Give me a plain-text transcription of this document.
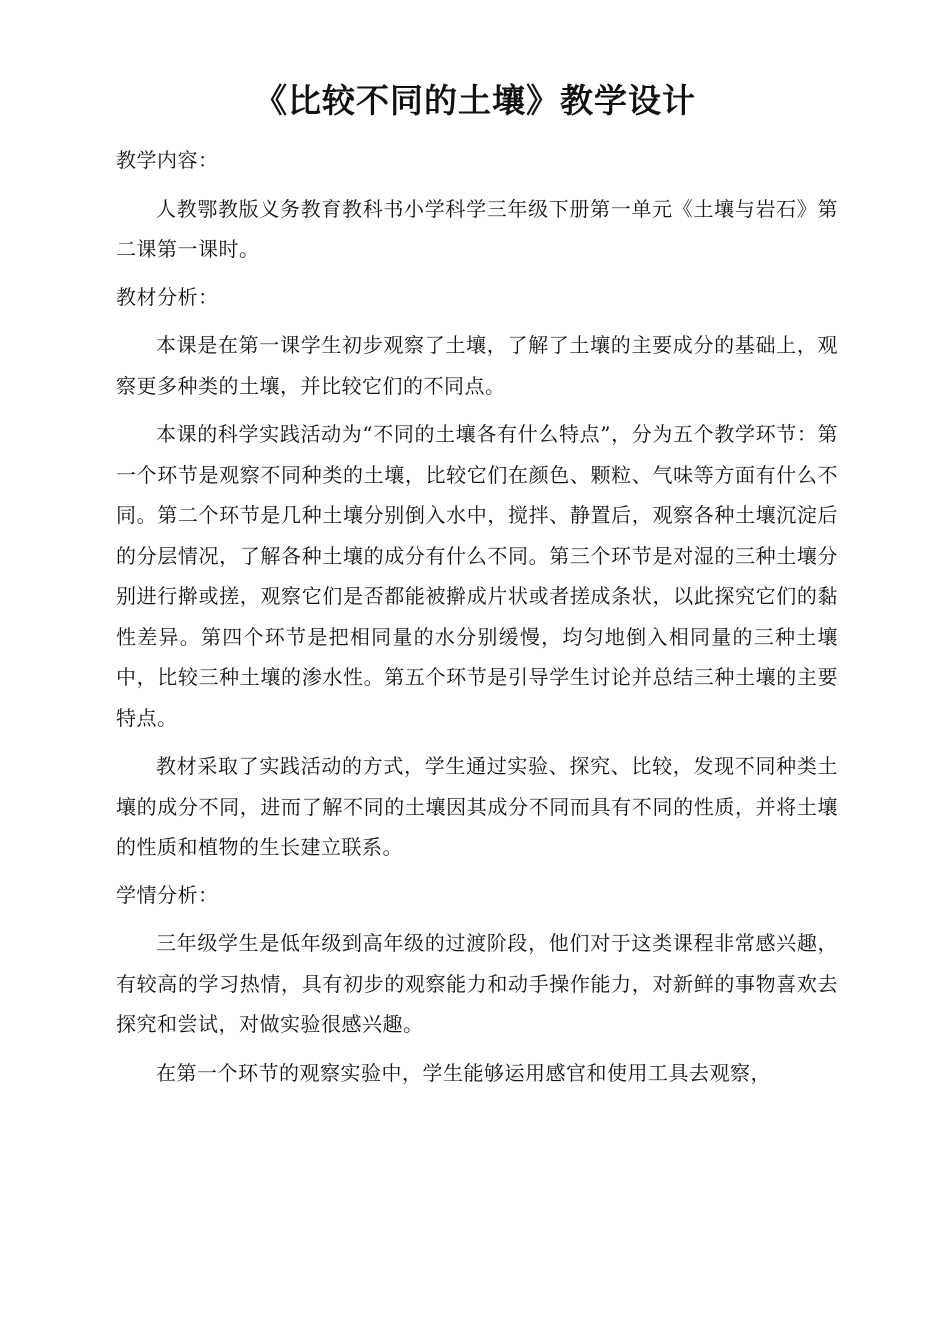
《比较不同的土壤》教学设计

教学内容：

人教鄂教版义务教育教科书小学科学三年级下册第一单元《土壤与岩石》第二课第一课时。

教材分析：

本课是在第一课学生初步观察了土壤，了解了土壤的主要成分的基础上，观察更多种类的土壤，并比较它们的不同点。

本课的科学实践活动为“不同的土壤各有什么特点”，分为五个教学环节：第一个环节是观察不同种类的土壤，比较它们在颜色、颗粒、气味等方面有什么不同。第二个环节是几种土壤分别倒入水中，搅拌、静置后，观察各种土壤沉淀后的分层情况，了解各种土壤的成分有什么不同。第三个环节是对湿的三种土壤分别进行擀或搓，观察它们是否都能被擀成片状或者搓成条状，以此探究它们的黏性差异。第四个环节是把相同量的水分别缓慢，均匀地倒入相同量的三种土壤中，比较三种土壤的渗水性。第五个环节是引导学生讨论并总结三种土壤的主要特点。

教材采取了实践活动的方式，学生通过实验、探究、比较，发现不同种类土壤的成分不同，进而了解不同的土壤因其成分不同而具有不同的性质，并将土壤的性质和植物的生长建立联系。

学情分析：

三年级学生是低年级到高年级的过渡阶段，他们对于这类课程非常感兴趣，有较高的学习热情，具有初步的观察能力和动手操作能力，对新鲜的事物喜欢去探究和尝试，对做实验很感兴趣。

在第一个环节的观察实验中，学生能够运用感官和使用工具去观察，
